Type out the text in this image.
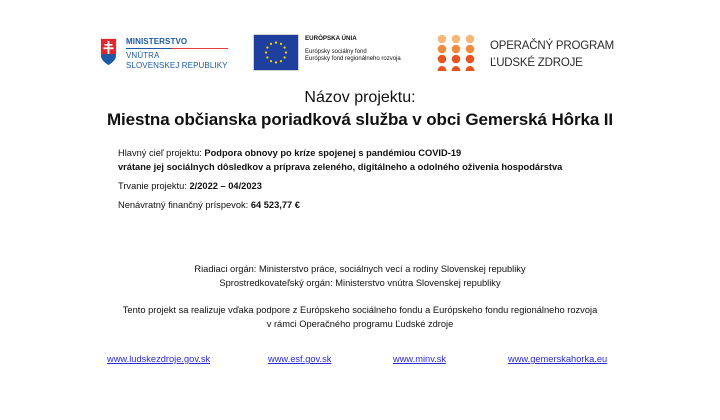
MINISTERSTVO
VNÚTRA
SLOVENSKEJ REPUBLIKY
EURÓPSKA ÚNIA
Európsky sociálny fond
Európsky fond regionálneho rozvoja
OPERAČNÝ PROGRAM
ĽUDSKÉ ZDROJE
Názov projektu:
Miestna občianska poriadková služba v obci Gemerská Hôrka II
Hlavný cieľ projektu: Podpora obnovy po kríze spojenej s pandémiou COVID-19
vrátane jej sociálnych dôsledkov a príprava zeleného, digitálneho a odolného oživenia hospodárstva
Trvanie projektu: 2/2022 – 04/2023
Nenávratný finančný príspevok: 64 523,77 €
Riadiaci orgán: Ministerstvo práce, sociálnych vecí a rodiny Slovenskej republiky
Sprostredkovateľský orgán: Ministerstvo vnútra Slovenskej republiky
Tento projekt sa realizuje vďaka podpore z Európskeho sociálneho fondu a Európskeho fondu regionálneho rozvoja
v rámci Operačného programu Ľudské zdroje
www.ludskezdroje.gov.sk	www.esf.gov.sk	www.minv.sk	www.gemerskahorka.eu
